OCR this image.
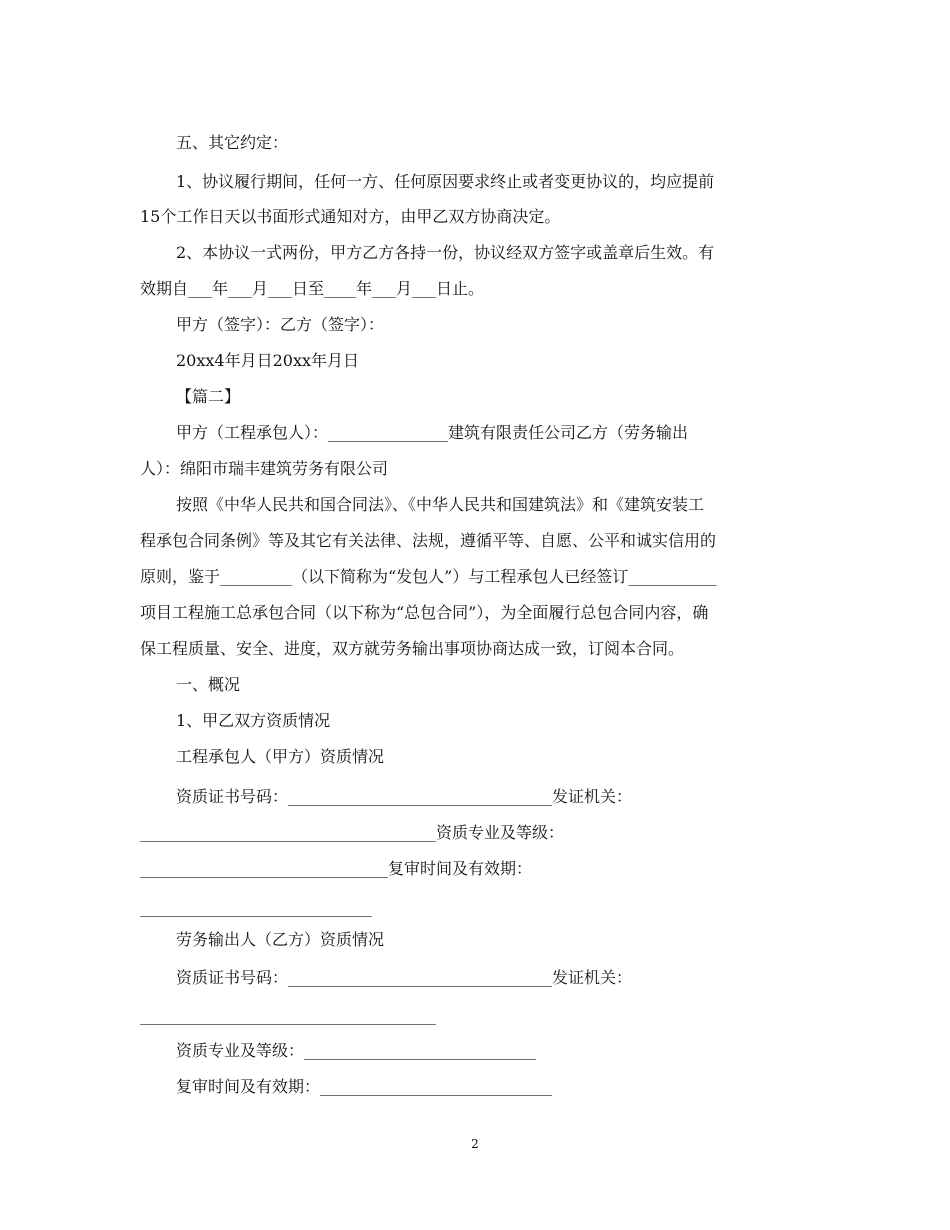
五、其它约定：
1、协议履行期间，任何一方、任何原因要求终止或者变更协议的，均应提前
15个工作日天以书面形式通知对方，由甲乙双方协商决定。
2、本协议一式两份，甲方乙方各持一份，协议经双方签字或盖章后生效。有
效期自___年___月___日至____年___月___日止。
甲方（签字）：乙方（签字）：
20xx4年月日20xx年月日
【篇二】
甲方（工程承包人）：_______________建筑有限责任公司乙方（劳务输出
人）：绵阳市瑞丰建筑劳务有限公司
按照《中华人民共和国合同法》、《中华人民共和国建筑法》和《建筑安装工
程承包合同条例》等及其它有关法律、法规，遵循平等、自愿、公平和诚实信用的
原则，鉴于_________（以下简称为“发包人”）与工程承包人已经签订___________
项目工程施工总承包合同（以下称为“总包合同”），为全面履行总包合同内容，确
保工程质量、安全、进度，双方就劳务输出事项协商达成一致，订阅本合同。
一、概况
1、甲乙双方资质情况
工程承包人（甲方）资质情况
资质证书号码：_________________________________发证机关：
_____________________________________资质专业及等级：
_______________________________复审时间及有效期：
_____________________________
劳务输出人（乙方）资质情况
资质证书号码：_________________________________发证机关：
_____________________________________
资质专业及等级：_____________________________
复审时间及有效期：_____________________________
2
